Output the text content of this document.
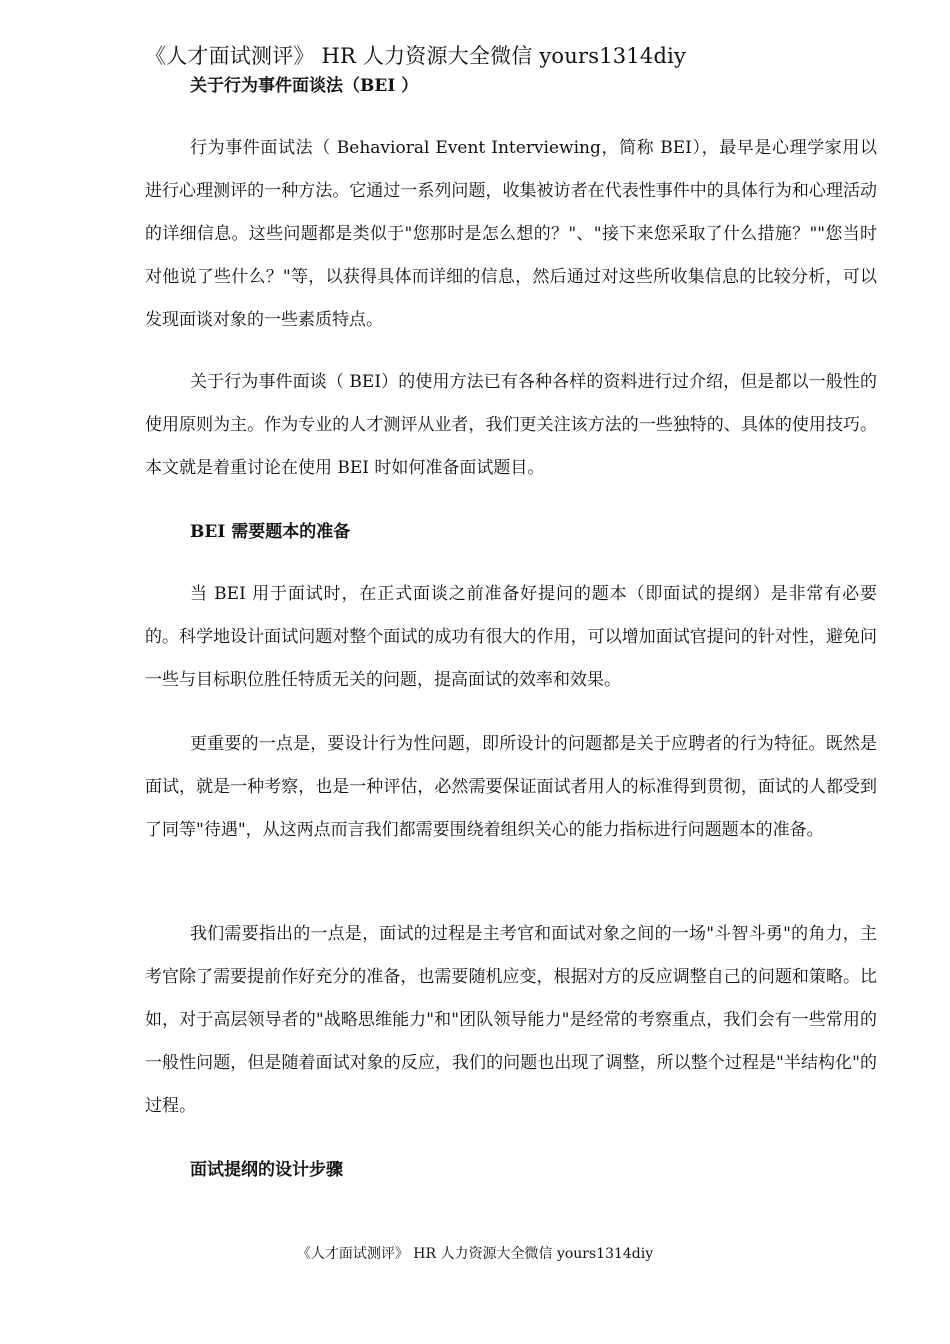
《人才面试测评》 HR 人力资源大全微信 yours1314diy
关于行为事件面谈法（BEI ）

行为事件面试法（ Behavioral Event Interviewing，简称 BEI），最早是心理学家用以进行心理测评的一种方法。它通过一系列问题，收集被访者在代表性事件中的具体行为和心理活动的详细信息。这些问题都是类似于"您那时是怎么想的？"、"接下来您采取了什么措施？""您当时对他说了些什么？"等，以获得具体而详细的信息，然后通过对这些所收集信息的比较分析，可以发现面谈对象的一些素质特点。

关于行为事件面谈（ BEI）的使用方法已有各种各样的资料进行过介绍，但是都以一般性的使用原则为主。作为专业的人才测评从业者，我们更关注该方法的一些独特的、具体的使用技巧。本文就是着重讨论在使用 BEI 时如何准备面试题目。

BEI 需要题本的准备

当 BEI 用于面试时，在正式面谈之前准备好提问的题本（即面试的提纲）是非常有必要的。科学地设计面试问题对整个面试的成功有很大的作用，可以增加面试官提问的针对性，避免问一些与目标职位胜任特质无关的问题，提高面试的效率和效果。

更重要的一点是，要设计行为性问题，即所设计的问题都是关于应聘者的行为特征。既然是面试，就是一种考察，也是一种评估，必然需要保证面试者用人的标准得到贯彻，面试的人都受到了同等"待遇"，从这两点而言我们都需要围绕着组织关心的能力指标进行问题题本的准备。

我们需要指出的一点是，面试的过程是主考官和面试对象之间的一场"斗智斗勇"的角力，主考官除了需要提前作好充分的准备，也需要随机应变，根据对方的反应调整自己的问题和策略。比如，对于高层领导者的"战略思维能力"和"团队领导能力"是经常的考察重点，我们会有一些常用的一般性问题，但是随着面试对象的反应，我们的问题也出现了调整，所以整个过程是"半结构化"的过程。

面试提纲的设计步骤
《人才面试测评》 HR 人力资源大全微信 yours1314diy
